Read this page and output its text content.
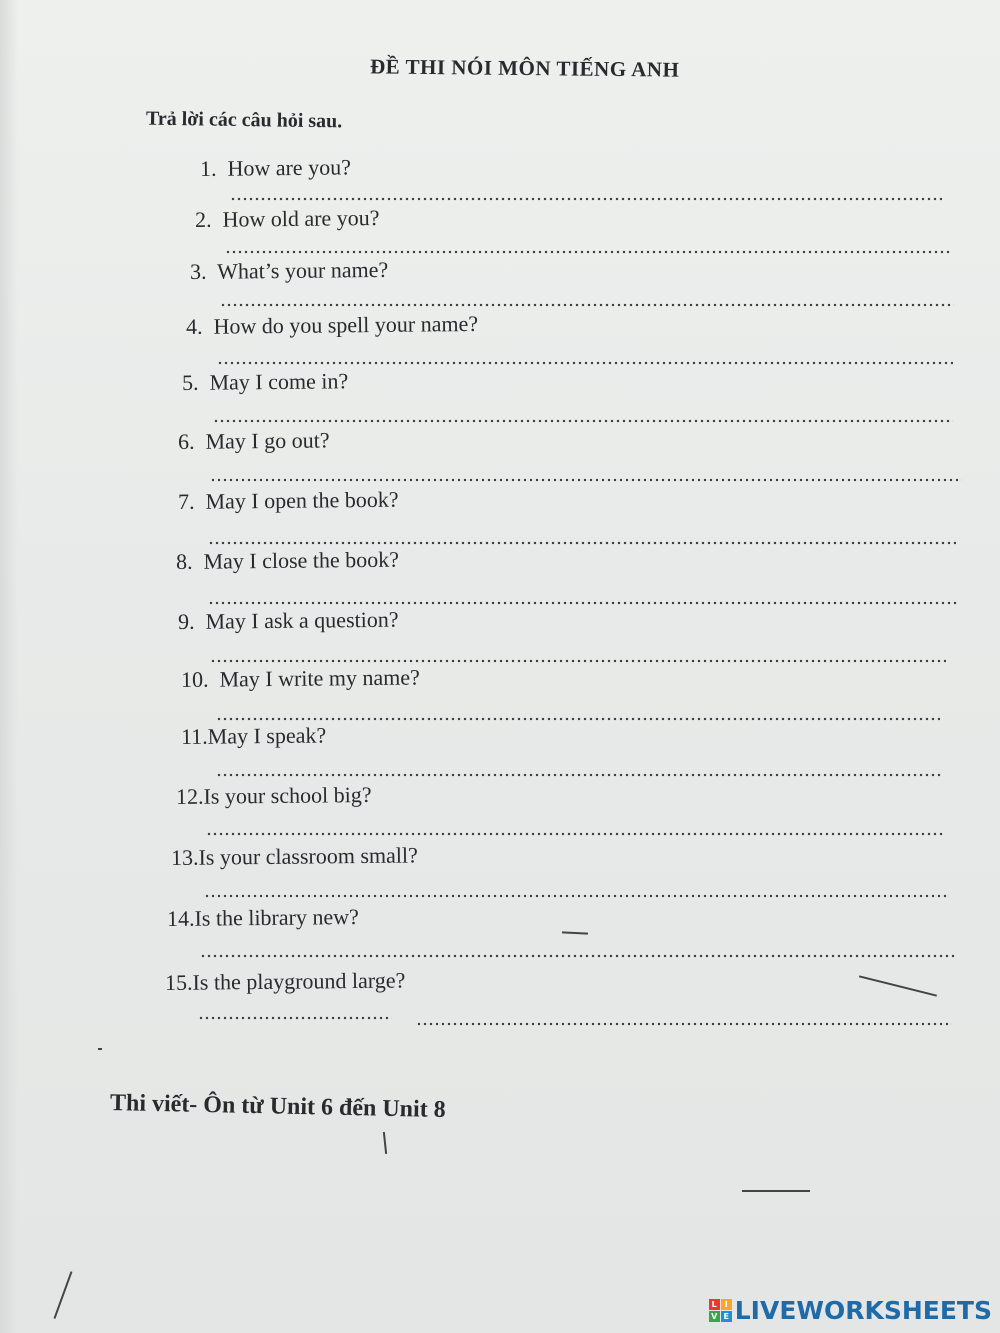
ĐỀ THI NÓI MÔN TIẾNG ANH
Trả lời các câu hỏi sau.
1. How are you?
2. How old are you?
3. What’s your name?
4. How do you spell your name?
5. May I come in?
6. May I go out?
7. May I open the book?
8. May I close the book?
9. May I ask a question?
10. May I write my name?
11.May I speak?
12.Is your school big?
13.Is your classroom small?
14.Is the library new?
15.Is the playground large?
Thi viết- Ôn từ Unit 6 đến Unit 8
L I
V E LIVEWORKSHEETS
